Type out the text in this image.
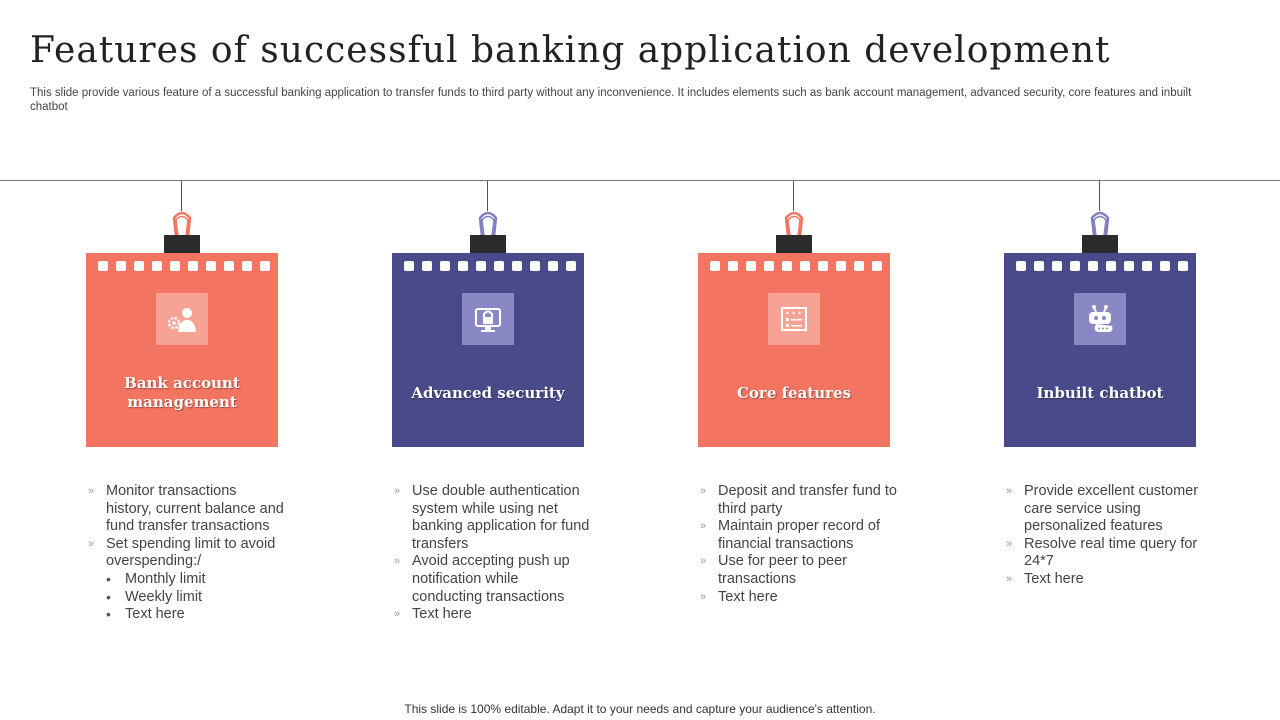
Features of successful banking application development

This slide provide various feature of a successful banking application to transfer funds to third party without any inconvenience. It includes elements such as bank account management, advanced security, core features and inbuilt chatbot

Bank account management
» Monitor transactions history, current balance and fund transfer transactions
» Set spending limit to avoid overspending:/
• Monthly limit
• Weekly limit
• Text here
Advanced security
» Use double authentication system while using net banking application for fund transfers
» Avoid accepting push up notification while conducting transactions
» Text here
Core features
» Deposit and transfer fund to third party
» Maintain proper record of financial transactions
» Use for peer to peer transactions
» Text here
Inbuilt chatbot
» Provide excellent customer care service using personalized features
» Resolve real time query for 24*7
» Text here
This slide is 100% editable. Adapt it to your needs and capture your audience's attention.
